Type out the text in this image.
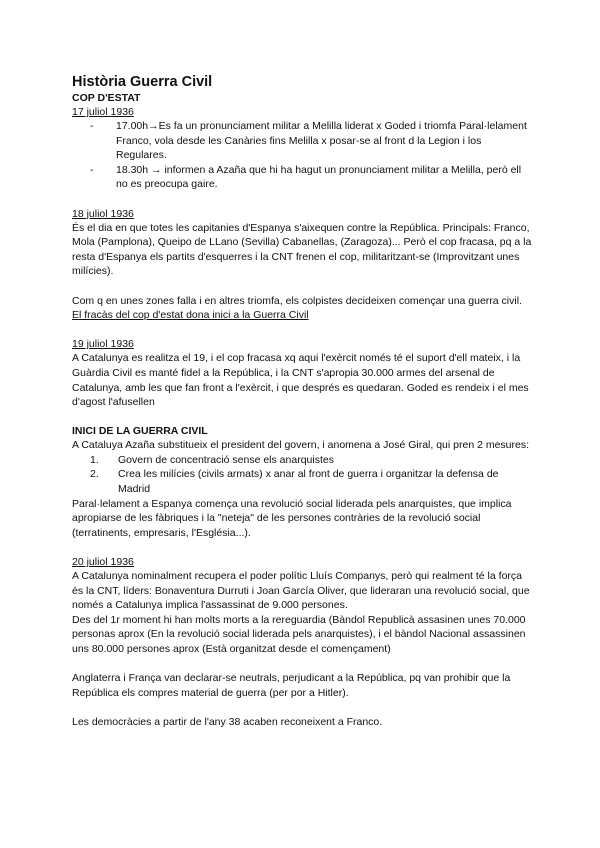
Història Guerra Civil
COP D'ESTAT
17 juliol 1936
- 17.00h→Es fa un pronunciament militar a Melilla liderat x Goded i triomfa Paral·lelament Franco, vola desde les Canàries fins Melilla x posar-se al front d la Legion i los Regulares.
- 18.30h → informen a Azaña que hi ha hagut un pronunciament militar a Melilla, però ell no es preocupa gaire.
18 juliol 1936

És el dia en que totes les capitanies d'Espanya s'aixequen contre la República. Principals: Franco, Mola (Pamplona), Queipo de LLano (Sevilla) Cabanellas, (Zaragoza)... Però el cop fracasa, pq a la resta d'Espanya els partits d'esquerres i la CNT frenen el cop, militaritzant-se (Improvitzant unes milícies).

Com q en unes zones falla i en altres triomfa, els colpistes decideixen començar una guerra civil. El fracàs del cop d'estat dona inici a la Guerra Civil

19 juliol 1936

A Catalunya es realitza el 19, i el cop fracasa xq aqui l'exèrcit només té el suport d'ell mateix, i la Guàrdia Civil es manté fidel a la República, i la CNT s'apropia 30.000 armes del arsenal de Catalunya, amb les que fan front a l'exèrcit, i que després es quedaran. Goded es rendeix i el mes d'agost l'afusellen

INICI DE LA GUERRA CIVIL

A Cataluya Azaña substitueix el president del govern, i anomena a José Giral, qui pren 2 mesures:

1. Govern de concentració sense els anarquistes
2. Crea les milícies (civils armats) x anar al front de guerra i organitzar la defensa de Madrid

Paral·lelament a Espanya comença una revolució social liderada pels anarquistes, que implica apropiarse de les fàbriques i la "neteja" de les persones contràries de la revolució social (terratinents, empresaris, l'Església...).

20 juliol 1936

A Catalunya nominalment recupera el poder polític Lluís Companys, però qui realment té la força és la CNT, líders: Bonaventura Durruti i Joan García Oliver, que lideraran una revolució social, que només a Catalunya implica l'assassinat de 9.000 persones.

Des del 1r moment hi han molts morts a la rereguardia (Bàndol Republicà assasinen unes 70.000 personas aprox (En la revolució social liderada pels anarquistes), i el bàndol Nacional assassinen uns 80.000 persones aprox (Està organitzat desde el començament)

Anglaterra i França van declarar-se neutrals, perjudicant a la República, pq van prohibir que la República els compres material de guerra (per por a Hitler).

Les democràcies a partir de l'any 38 acaben reconeixent a Franco.
